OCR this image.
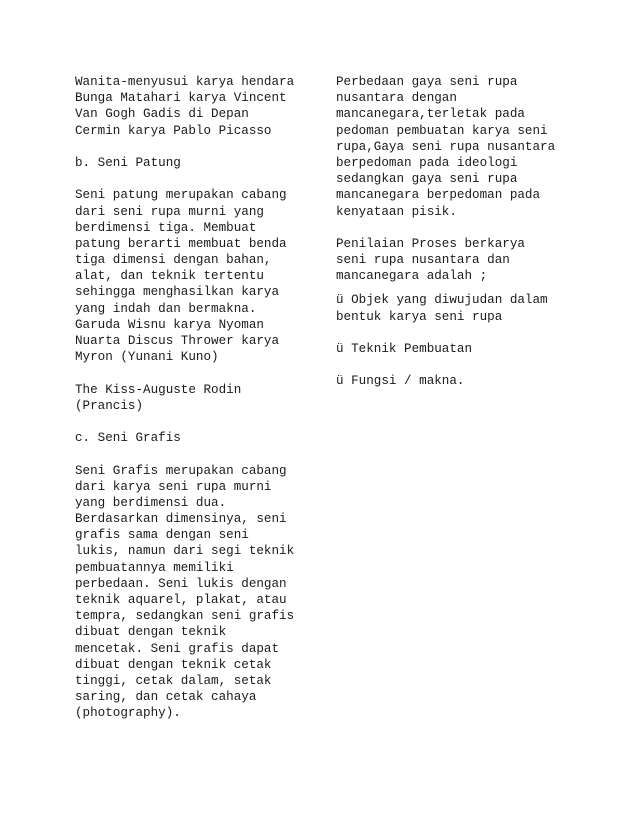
Wanita-menyusui karya hendara
Bunga Matahari karya Vincent
Van Gogh Gadis di Depan
Cermin karya Pablo Picasso
b. Seni Patung
Seni patung merupakan cabang
dari seni rupa murni yang
berdimensi tiga. Membuat
patung berarti membuat benda
tiga dimensi dengan bahan,
alat, dan teknik tertentu
sehingga menghasilkan karya
yang indah dan bermakna.
Garuda Wisnu karya Nyoman
Nuarta Discus Thrower karya
Myron (Yunani Kuno)
The Kiss-Auguste Rodin
(Prancis)
c. Seni Grafis
Seni Grafis merupakan cabang
dari karya seni rupa murni
yang berdimensi dua.
Berdasarkan dimensinya, seni
grafis sama dengan seni
lukis, namun dari segi teknik
pembuatannya memiliki
perbedaan. Seni lukis dengan
teknik aquarel, plakat, atau
tempra, sedangkan seni grafis
dibuat dengan teknik
mencetak. Seni grafis dapat
dibuat dengan teknik cetak
tinggi, cetak dalam, setak
saring, dan cetak cahaya
(photography).
Perbedaan gaya seni rupa
nusantara dengan
mancanegara,terletak pada
pedoman pembuatan karya seni
rupa,Gaya seni rupa nusantara
berpedoman pada ideologi
sedangkan gaya seni rupa
mancanegara berpedoman pada
kenyataan pisik.
Penilaian Proses berkarya
seni rupa nusantara dan
mancanegara adalah ;
ü Objek yang diwujudan dalam
bentuk karya seni rupa
ü Teknik Pembuatan
ü Fungsi / makna.
